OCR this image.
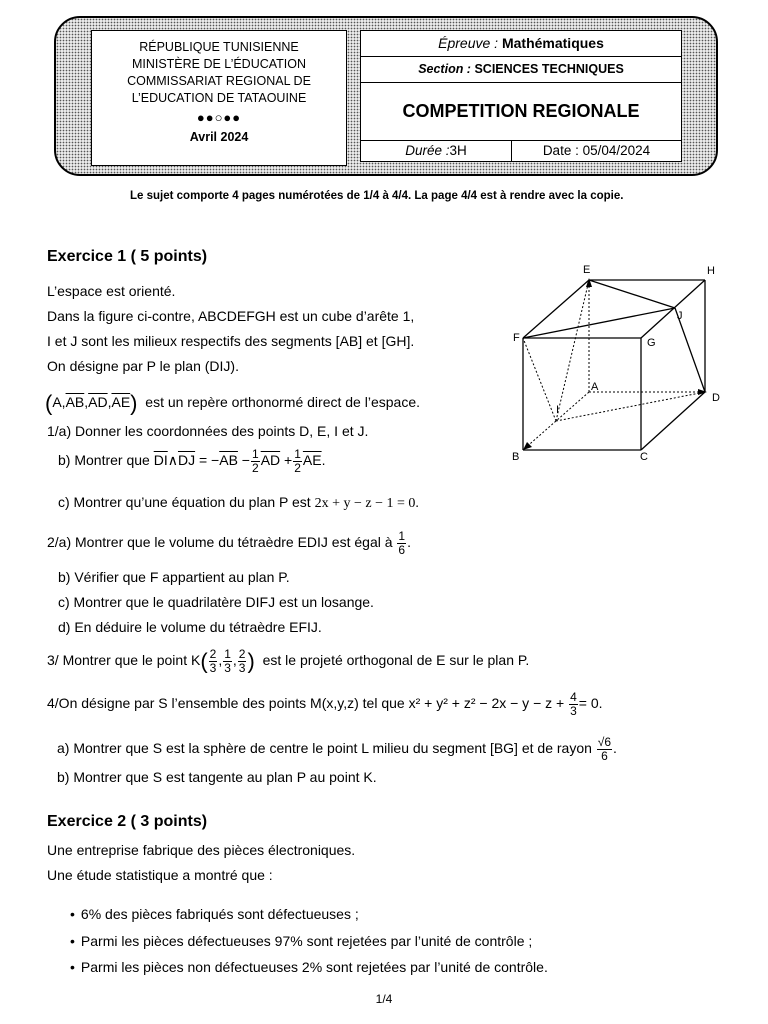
RÉPUBLIQUE TUNISIENNE
MINISTÈRE DE L’ÉDUCATION
COMMISSARIAT REGIONAL DE
L’EDUCATION DE TATAOUINE
●●○●●
Avril 2024
Épreuve : Mathématiques
Section : SCIENCES TECHNIQUES
COMPETITION REGIONALE
Durée :3H	Date : 05/04/2024
Le sujet comporte 4 pages numérotées de 1/4 à 4/4. La page 4/4 est à rendre avec la copie.
Exercice 1 ( 5 points)
L’espace est orienté.
Dans la figure ci-contre, ABCDEFGH est un cube d’arête 1,
I et J sont les milieux respectifs des segments [AB] et [GH].
On désigne par P le plan (DIJ).
$(A,\overline{AB},\overline{AD},\overline{AE})$ est un repère orthonormé direct de l’espace.
1/a) Donner les coordonnées des points D, E, I et J.
b) Montrer que $\overline{DI}\wedge\overline{DJ} = -\overline{AB} - \frac{1}{2} \overline{AD} + \frac{1}{2} \overline{AE}$.
c) Montrer qu’une équation du plan P est 2x + y − z − 1 = 0.
2/a) Montrer que le volume du tétraèdre EDIJ est égal à $\frac{1}{6}$ .
b) Vérifier que F appartient au plan P.
c) Montrer que le quadrilatère DIFJ est un losange.
d) En déduire le volume du tétraèdre EFIJ.
3/ Montrer que le point $K( \frac{2}{3}$ , $\frac{1}{3}$ , $\frac{2}{3}$ ) est le projeté orthogonal de E sur le plan P.
4/On désigne par S l’ensemble des points M(x,y,z) tel que $x^2 + y^2 + z^2 - 2x - y - z + \frac{4}{3} = 0$.
a) Montrer que S est la sphère de centre le point L milieu du segment [BG] et de rayon $\frac{√6}{6}$ .
b) Montrer que S est tangente au plan P au point K.
E	H
J
F	G
A
D
I
B	C
Exercice 2 ( 3 points)
Une entreprise fabrique des pièces électroniques.
Une étude statistique a montré que :
• 6% des pièces fabriqués sont défectueuses ;
• Parmi les pièces défectueuses 97% sont rejetées par l’unité de contrôle ;
• Parmi les pièces non défectueuses 2% sont rejetées par l’unité de contrôle.
1/4
